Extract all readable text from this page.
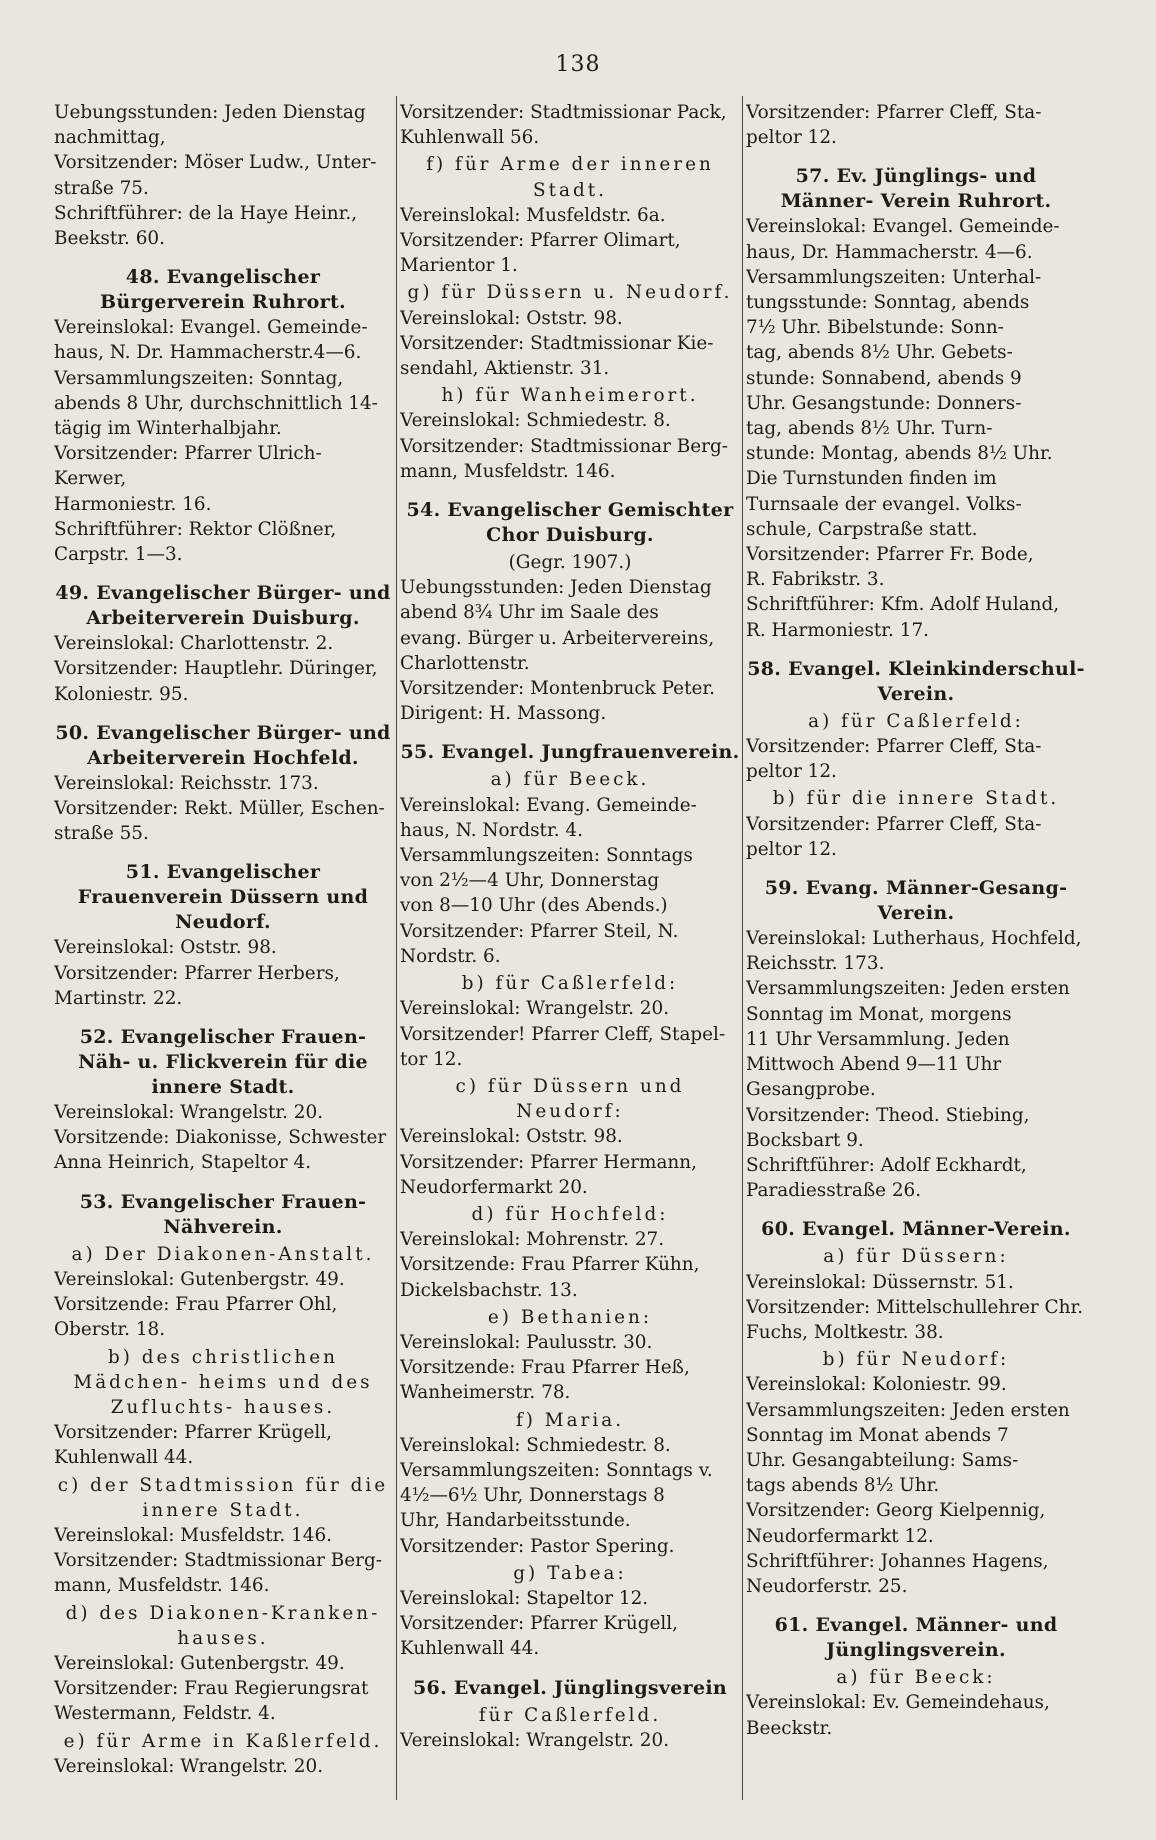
138
Uebungsstunden: Jeden Dienstag
nachmittag,
Vorsitzender: Möser Ludw., Unter-
straße 75.
Schriftführer: de la Haye Heinr.,
Beekstr. 60.
48. Evangelischer Bürgerverein Ruhrort.
Vereinslokal: Evangel. Gemeinde-
haus, N. Dr. Hammacherstr.4—6.
Versammlungszeiten: Sonntag,
abends 8 Uhr, durchschnittlich 14-
tägig im Winterhalbjahr.
Vorsitzender: Pfarrer Ulrich-Kerwer,
Harmoniestr. 16.
Schriftführer: Rektor Clößner,
Carpstr. 1—3.
49. Evangelischer Bürger- und Arbeiterverein Duisburg.
Vereinslokal: Charlottenstr. 2.
Vorsitzender: Hauptlehr. Düringer,
Koloniestr. 95.
50. Evangelischer Bürger- und Arbeiterverein Hochfeld.
Vereinslokal: Reichsstr. 173.
Vorsitzender: Rekt. Müller, Eschen-
straße 55.
51. Evangelischer Frauenverein Düssern und Neudorf.
Vereinslokal: Oststr. 98.
Vorsitzender: Pfarrer Herbers,
Martinstr. 22.
52. Evangelischer Frauen-Näh- u. Flickverein für die innere Stadt.
Vereinslokal: Wrangelstr. 20.
Vorsitzende: Diakonisse, Schwester
Anna Heinrich, Stapeltor 4.
53. Evangelischer Frauen- Nähverein.
a) Der Diakonen-Anstalt.
Vereinslokal: Gutenbergstr. 49.
Vorsitzende: Frau Pfarrer Ohl,
Oberstr. 18.
b) des christlichen Mädchen- heims und des Zufluchts- hauses.
Vorsitzender: Pfarrer Krügell,
Kuhlenwall 44.
c) der Stadtmission für die innere Stadt.
Vereinslokal: Musfeldstr. 146.
Vorsitzender: Stadtmissionar Berg-
mann, Musfeldstr. 146.
d) des Diakonen-Kranken- hauses.
Vereinslokal: Gutenbergstr. 49.
Vorsitzender: Frau Regierungsrat
Westermann, Feldstr. 4.
e) für Arme in Kaßlerfeld.
Vereinslokal: Wrangelstr. 20.
Vorsitzender: Stadtmissionar Pack,
Kuhlenwall 56.
f) für Arme der inneren Stadt.
Vereinslokal: Musfeldstr. 6a.
Vorsitzender: Pfarrer Olimart,
Marientor 1.
g) für Düssern u. Neudorf.
Vereinslokal: Oststr. 98.
Vorsitzender: Stadtmissionar Kie-
sendahl, Aktienstr. 31.
h) für Wanheimerort.
Vereinslokal: Schmiedestr. 8.
Vorsitzender: Stadtmissionar Berg-
mann, Musfeldstr. 146.
54. Evangelischer Gemischter Chor Duisburg.
(Gegr. 1907.)
Uebungsstunden: Jeden Dienstag
abend 8¾ Uhr im Saale des
evang. Bürger u. Arbeitervereins,
Charlottenstr.
Vorsitzender: Montenbruck Peter.
Dirigent: H. Massong.
55. Evangel. Jungfrauenverein.
a) für Beeck.
Vereinslokal: Evang. Gemeinde-
haus, N. Nordstr. 4.
Versammlungszeiten: Sonntags
von 2½—4 Uhr, Donnerstag
von 8—10 Uhr (des Abends.)
Vorsitzender: Pfarrer Steil, N.
Nordstr. 6.
b) für Caßlerfeld:
Vereinslokal: Wrangelstr. 20.
Vorsitzender! Pfarrer Cleff, Stapel-
tor 12.
c) für Düssern und Neudorf:
Vereinslokal: Oststr. 98.
Vorsitzender: Pfarrer Hermann,
Neudorfermarkt 20.
d) für Hochfeld:
Vereinslokal: Mohrenstr. 27.
Vorsitzende: Frau Pfarrer Kühn,
Dickelsbachstr. 13.
e) Bethanien:
Vereinslokal: Paulusstr. 30.
Vorsitzende: Frau Pfarrer Heß,
Wanheimerstr. 78.
f) Maria.
Vereinslokal: Schmiedestr. 8.
Versammlungszeiten: Sonntags v.
4½—6½ Uhr, Donnerstags 8
Uhr, Handarbeitsstunde.
Vorsitzender: Pastor Spering.
g) Tabea:
Vereinslokal: Stapeltor 12.
Vorsitzender: Pfarrer Krügell,
Kuhlenwall 44.
56. Evangel. Jünglingsverein
für Caßlerfeld.
Vereinslokal: Wrangelstr. 20.
Vorsitzender: Pfarrer Cleff, Sta-
peltor 12.
57. Ev. Jünglings- und Männer- Verein Ruhrort.
Vereinslokal: Evangel. Gemeinde-
haus, Dr. Hammacherstr. 4—6.
Versammlungszeiten: Unterhal-
tungsstunde: Sonntag, abends
7½ Uhr. Bibelstunde: Sonn-
tag, abends 8½ Uhr. Gebets-
stunde: Sonnabend, abends 9
Uhr. Gesangstunde: Donners-
tag, abends 8½ Uhr. Turn-
stunde: Montag, abends 8½ Uhr.
Die Turnstunden finden im
Turnsaale der evangel. Volks-
schule, Carpstraße statt.
Vorsitzender: Pfarrer Fr. Bode,
R. Fabrikstr. 3.
Schriftführer: Kfm. Adolf Huland,
R. Harmoniestr. 17.
58. Evangel. Kleinkinderschul- Verein.
a) für Caßlerfeld:
Vorsitzender: Pfarrer Cleff, Sta-
peltor 12.
b) für die innere Stadt.
Vorsitzender: Pfarrer Cleff, Sta-
peltor 12.
59. Evang. Männer-Gesang- Verein.
Vereinslokal: Lutherhaus, Hochfeld,
Reichsstr. 173.
Versammlungszeiten: Jeden ersten
Sonntag im Monat, morgens
11 Uhr Versammlung. Jeden
Mittwoch Abend 9—11 Uhr
Gesangprobe.
Vorsitzender: Theod. Stiebing,
Bocksbart 9.
Schriftführer: Adolf Eckhardt,
Paradiesstraße 26.
60. Evangel. Männer-Verein.
a) für Düssern:
Vereinslokal: Düssernstr. 51.
Vorsitzender: Mittelschullehrer Chr.
Fuchs, Moltkestr. 38.
b) für Neudorf:
Vereinslokal: Koloniestr. 99.
Versammlungszeiten: Jeden ersten
Sonntag im Monat abends 7
Uhr. Gesangabteilung: Sams-
tags abends 8½ Uhr.
Vorsitzender: Georg Kielpennig,
Neudorfermarkt 12.
Schriftführer: Johannes Hagens,
Neudorferstr. 25.
61. Evangel. Männer- und Jünglingsverein.
a) für Beeck:
Vereinslokal: Ev. Gemeindehaus,
Beeckstr.
